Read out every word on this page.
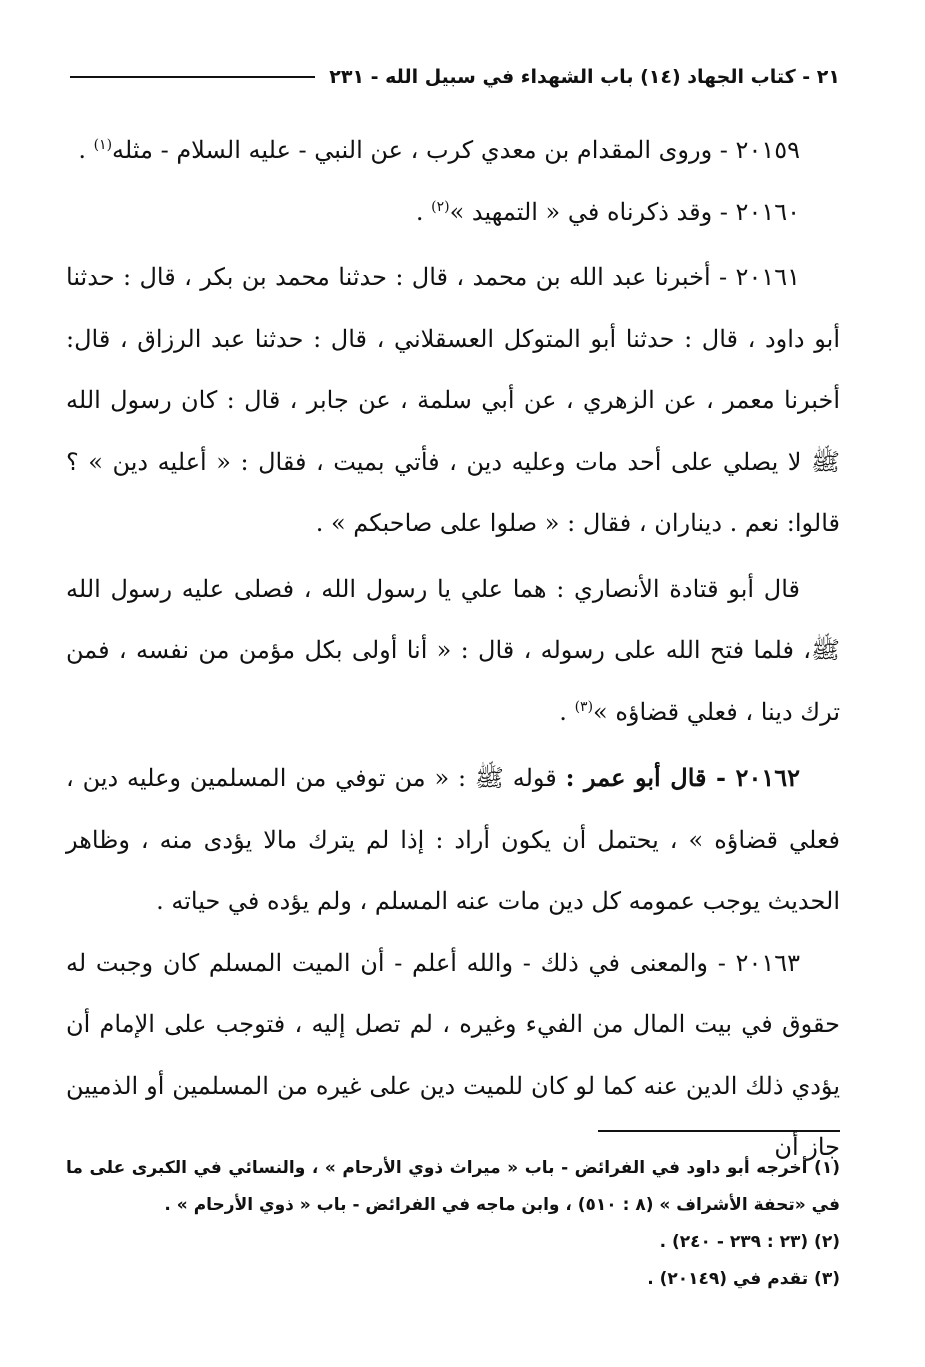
٢١ - كتاب الجهاد (١٤) باب الشهداء في سبيل الله - ٢٣١

٢٠١٥٩ - وروى المقدام بن معدي كرب ، عن النبي - عليه السلام - مثله$^{(١)}$ .

٢٠١٦٠ - وقد ذكرناه في « التمهيد »$^{(٢)}$ .

٢٠١٦١ - أخبرنا عبد الله بن محمد ، قال : حدثنا محمد بن بكر ، قال : حدثنا أبو داود ، قال : حدثنا أبو المتوكل العسقلاني ، قال : حدثنا عبد الرزاق ، قال: أخبرنا معمر ، عن الزهري ، عن أبي سلمة ، عن جابر ، قال : كان رسول الله ﷺ لا يصلي على أحد مات وعليه دين ، فأتي بميت ، فقال : « أعليه دين » ؟ قالوا: نعم . ديناران ، فقال : « صلوا على صاحبكم » .

قال أبو قتادة الأنصاري : هما علي يا رسول الله ، فصلى عليه رسول الله ﷺ، فلما فتح الله على رسوله ، قال : « أنا أولى بكل مؤمن من نفسه ، فمن ترك دينا ، فعلي قضاؤه »$^{(٣)}$ .

٢٠١٦٢ - قال أبو عمر : قوله ﷺ : « من توفي من المسلمين وعليه دين ، فعلي قضاؤه » ، يحتمل أن يكون أراد : إذا لم يترك مالا يؤدى منه ، وظاهر الحديث يوجب عمومه كل دين مات عنه المسلم ، ولم يؤده في حياته .

٢٠١٦٣ - والمعنى في ذلك - والله أعلم - أن الميت المسلم كان وجبت له حقوق في بيت المال من الفيء وغيره ، لم تصل إليه ، فتوجب على الإمام أن يؤدي ذلك الدين عنه كما لو كان للميت دين على غيره من المسلمين أو الذميين جاز أن

(١) أخرجه أبو داود في الفرائض - باب « ميراث ذوي الأرحام » ، والنسائي في الكبرى على ما في «تحفة الأشراف » (٨ : ٥١٠) ، وابن ماجه في الفرائض - باب « ذوي الأرحام » .

(٢) (٢٣ : ٢٣٩ - ٢٤٠) .

(٣) تقدم في (٢٠١٤٩) .
